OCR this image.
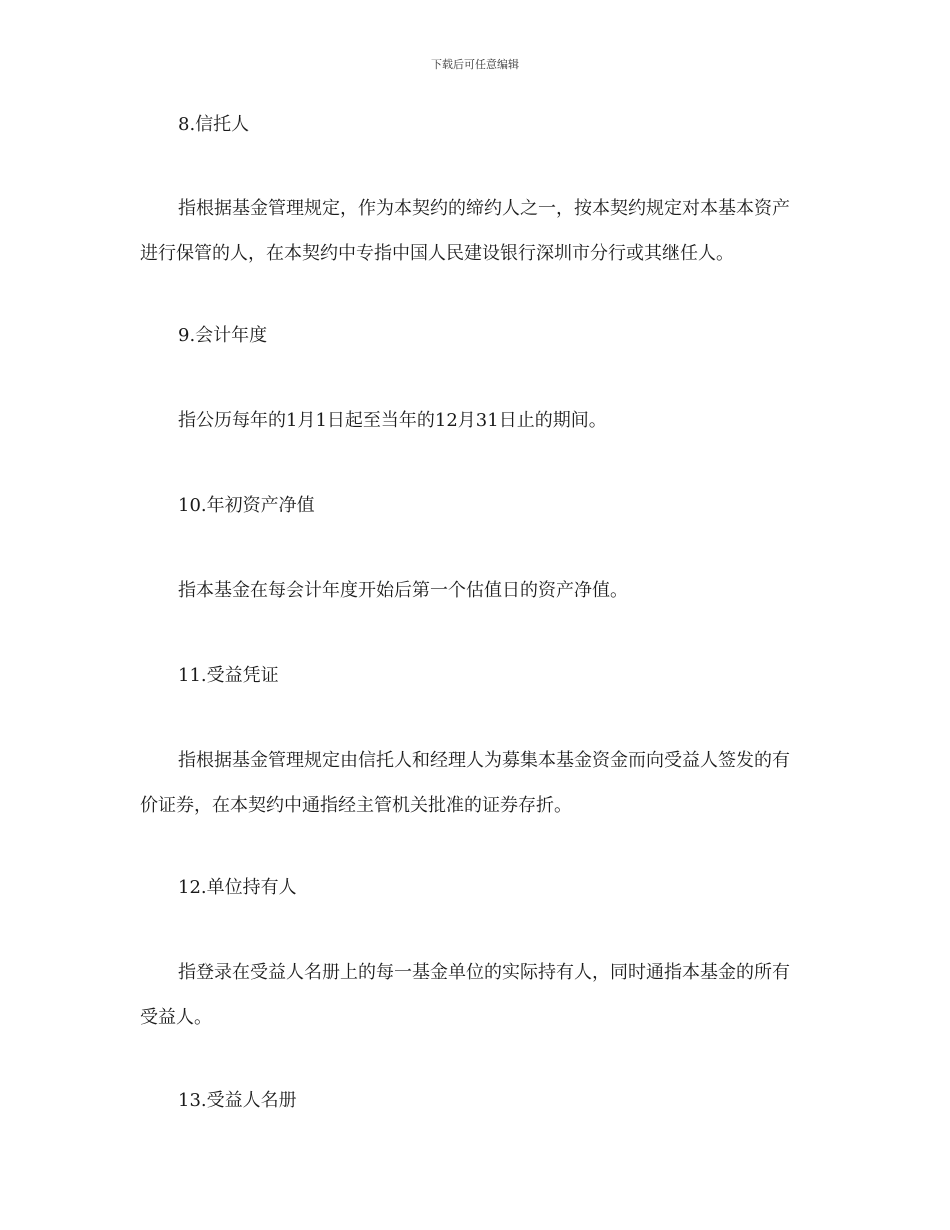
下载后可任意编辑
8.信托人
指根据基金管理规定，作为本契约的缔约人之一，按本契约规定对本基本资产
进行保管的人，在本契约中专指中国人民建设银行深圳市分行或其继任人。
9.会计年度
指公历每年的1月1日起至当年的12月31日止的期间。
10.年初资产净值
指本基金在每会计年度开始后第一个估值日的资产净值。
11.受益凭证
指根据基金管理规定由信托人和经理人为募集本基金资金而向受益人签发的有
价证券，在本契约中通指经主管机关批准的证券存折。
12.单位持有人
指登录在受益人名册上的每一基金单位的实际持有人，同时通指本基金的所有
受益人。
13.受益人名册
